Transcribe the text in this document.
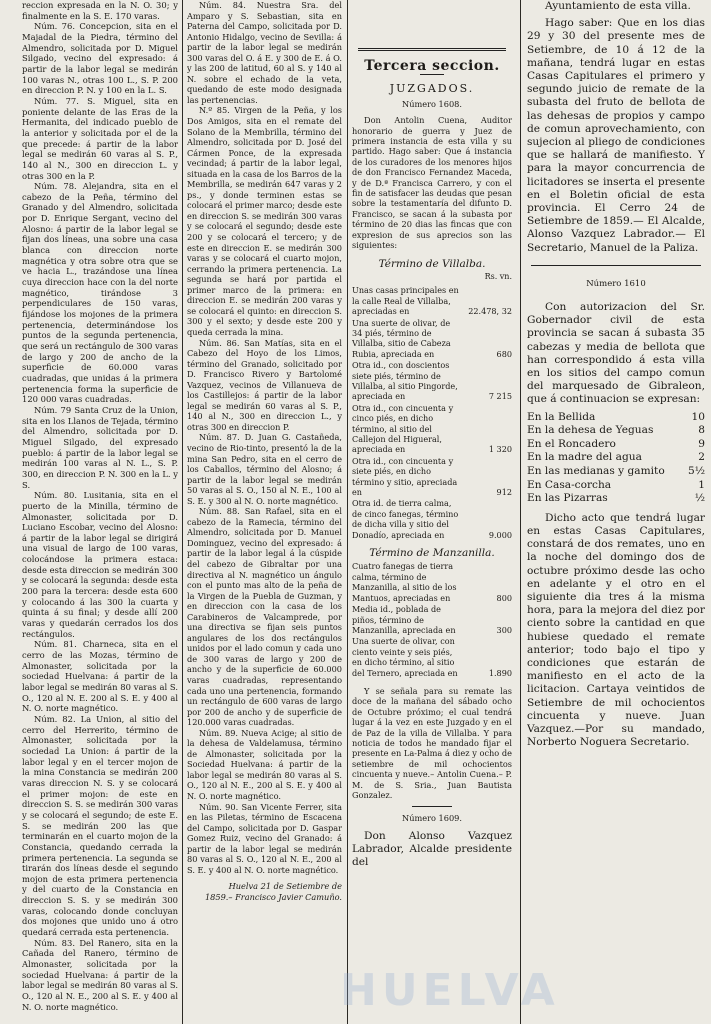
reccion expresada en la N. O. 30; y finalmente en la S. E. 170 varas.

Núm. 76. Concepcion, sita en el Majadal de la Piedra, término del Almendro, solicitada por D. Miguel Silgado, vecino del expresado: á partir de la labor legal se medirán 100 varas N., otras 100 L., S. P. 200 en direccion P. N. y 100 en la L. S.

Núm. 77. S. Miguel, sita en poniente delante de las Eras de la Hermanita, del indicado pueblo de la anterior y solicitada por el de la que precede: á partir de la labor legal se medirán 60 varas al S. P., 140 al N., 300 en direccion L. y otras 300 en la P.

Núm. 78. Alejandra, sita en el cabezo de la Peña, término del Granado y del Almendro, solicitada por D. Enrique Sergant, vecino del Alosno: á partir de la labor legal se fijan dos líneas, una sobre una casa blanca con direccion norte magnética y otra sobre otra que se ve hacia L., trazándose una línea cuya direccion hace con la del norte magnético, tirándose 3 perpendiculares de 150 varas, fijándose los mojones de la primera pertenencia, determinándose los puntos de la segunda pertenencia, que será un rectángulo de 300 varas de largo y 200 de ancho de la superficie de 60.000 varas cuadradas, que unidas á la primera pertenencia forma la superficie de 120 000 varas cuadradas.

Núm. 79 Santa Cruz de la Union, sita en los Llanos de Tejada, término del Almendro, solicitada por D. Miguel Silgado, del expresado pueblo: á partir de la labor legal se medirán 100 varas al N. L., S. P. 300, en direccion P. N. 300 en la L. y S.

Núm. 80. Lusitania, sita en el puerto de la Minilla, término de Almonaster, solicitada por D. Luciano Escobar, vecino del Alosno: á partir de la labor legal se dirigirá una visual de largo de 100 varas, colocándose la primera estaca: desde esta direccion se medirán 300 y se colocará la segunda: desde esta 200 para la tercera: desde esta 600 y colocando á las 300 la cuarta y quinta á su final; y desde allí 200 varas y quedarán cerrados los dos rectángulos.

Núm. 81. Charneca, sita en el cerro de las Mozas, término de Almonaster, solicitada por la sociedad Huelvana: á partir de la labor legal se medirán 80 varas al S. O., 120 al N. E. 200 al S. E. y 400 al N. O. norte magnético.

Núm. 82. La Union, al sitio del cerro del Herrerito, término de Almonaster, solicitada por la sociedad La Union: á partir de la labor legal y en el tercer mojon de la mina Constancia se medirán 200 varas direccion N. S. y se colocará el primer mojon: de este en direccion S. S. se medirán 300 varas y se colocará el segundo; de este E. S. se medirán 200 las que terminarán en el cuarto mojon de la Constancia, quedando cerrada la primera pertenencia. La segunda se tirarán dos líneas desde el segundo mojon de esta primera pertenencia y del cuarto de la Constancia en direccion S. S. y se medirán 300 varas, colocando donde concluyan dos mojones que unido uno á otro quedará cerrada esta pertenencia.

Núm. 83. Del Ranero, sita en la Cañada del Ranero, término de Almonaster, solicitada por la sociedad Huelvana: á partir de la labor legal se medirán 80 varas al S. O., 120 al N. E., 200 al S. E. y 400 al N. O. norte magnético.

Núm. 84. Nuestra Sra. del Amparo y S. Sebastian, sita en Paterna del Campo, solicitada por D. Antonio Hidalgo, vecino de Sevilla: á partir de la labor legal se medirán 300 varas del O. á E. y 300 de E. á O. y las 200 de latitud, 60 al S. y 140 al N. sobre el echado de la veta, quedando de este modo designada las pertenencias.

N.º 85. Virgen de la Peña, y los Dos Amigos, sita en el remate del Solano de la Membrilla, término del Almendro, solicitada por D. José del Cármen Ponce, de la expresada vecindad; á partir de la labor legal, situada en la casa de los Barros de la Membrilla, se medirán 647 varas y 2 ps., y donde terminen estas se colocará el primer marco; desde este en direccion S. se medirán 300 varas y se colocará el segundo; desde este 200 y se colocará el tercero; y de este en direccion E. se medirán 300 varas y se colocará el cuarto mojon, cerrando la primera pertenencia. La segunda se hará por partida el primer marco de la primera: en direccion E. se medirán 200 varas y se colocará el quinto: en direccion S. 300 y el sexto; y desde este 200 y queda cerrada la mina.

Núm. 86. San Matías, sita en el Cabezo del Hoyo de los Limos, término del Granado, solicitado por D. Francisco Rivero y Bartolomé Vazquez, vecinos de Villanueva de los Castillejos: á partir de la labor legal se medirán 60 varas al S. P., 140 al N., 300 en direccion L., y otras 300 en direccion P.

Núm. 87. D. Juan G. Castañeda, vecino de Rio-tinto, presentó la de la mina San Pedro, sita en el cerro de los Caballos, término del Alosno; á partir de la labor legal se medirán 50 varas al S. O., 150 al N. E., 100 al S. E. y 300 al N. O. norte magnético.

Núm. 88. San Rafael, sita en el cabezo de la Ramecia, término del Almendro, solicitada por D. Manuel Dominguez, vecino del expresado: á partir de la labor legal á la cúspide del cabezo de Gibraltar por una directiva al N. magnético un ángulo con el punto mas alto de la peña de la Virgen de la Puebla de Guzman, y en direccion con la casa de los Carabineros de Valcamprede, por una directiva se fijan seis puntos angulares de los dos rectángulos unidos por el lado comun y cada uno de 300 varas de largo y 200 de ancho y de la superficie de 60.000 varas cuadradas, representando cada uno una pertenencia, formando un rectángulo de 600 varas de largo por 200 de ancho y de superficie de 120.000 varas cuadradas.

Núm. 89. Nueva Acige; al sitio de la dehesa de Valdelamusa, término de Almonaster, solicitada por la Sociedad Huelvana: á partir de la labor legal se medirán 80 varas al S. O., 120 al N. E., 200 al S. E. y 400 al N. O. norte magnético.

Núm. 90. San Vicente Ferrer, sita en las Piletas, término de Escacena del Campo, solicitada por D. Gaspar Gomez Ruiz, vecino del Granado: á partir de la labor legal se medirán 80 varas al S. O., 120 al N. E., 200 al S. E. y 400 al N. O. norte magnético.

Huelva 21 de Setiembre de 1859.– Francisco Javier Camuño.

Tercera seccion.
JUZGADOS.
Número 1608.

Don Antolin Cuena, Auditor honorario de guerra y Juez de primera instancia de esta villa y su partido. Hago saber: Que á instancia de los curadores de los menores hijos de don Francisco Fernandez Maceda, y de D.ª Francisca Carrero, y con el fin de satisfacer las deudas que pesan sobre la testamentaría del difunto D. Francisco, se sacan á la subasta por término de 20 dias las fincas que con expresion de sus aprecios son las siguientes:

Término de Villalba.
Rs. vn.
Unas casas principales en la calle Real de Villalba, apreciadas en	22.478, 32
Una suerte de olivar, de 34 piés, término de Villalba, sitio de Cabeza Rubia, apreciada en	680
Otra id., con doscientos siete piés, término de Villalba, al sitio Pingorde, apreciada en	7 215
Otra id., con cincuenta y cinco piés, en dicho término, al sitio del Callejon del Higueral, apreciada en	1 320
Otra id., con cincuenta y siete piés, en dicho término y sitio, apreciada en	912
Otra id. de tierra calma, de cinco fanegas, término de dicha villa y sitio del Donadío, apreciada en	9.000
Término de Manzanilla.
Cuatro fanegas de tierra calma, término de Manzanilla, al sitio de los Mantuos, apreciadas en	800
Media id., poblada de piños, término de Manzanilla, apreciada en	300
Una suerte de olivar, con ciento veinte y seis piés, en dicho término, al sitio del Ternero, apreciada en	1.890

Y se señala para su remate las doce de la mañana del sábado ocho de Octubre próximo; el cual tendrá lugar á la vez en este Juzgado y en el de Paz de la villa de Villalba. Y para noticia de todos he mandado fijar el presente en La-Palma á diez y ocho de setiembre de mil ochocientos cincuenta y nueve.– Antolin Cuena.– P. M. de S. Sria., Juan Bautista Gonzalez.

Número 1609.

Don Alonso Vazquez Labrador, Alcalde presidente del

Ayuntamiento de esta villa.

Hago saber: Que en los dias 29 y 30 del presente mes de Setiembre, de 10 á 12 de la mañana, tendrá lugar en estas Casas Capitulares el primero y segundo juicio de remate de la subasta del fruto de bellota de las dehesas de propios y campo de comun aprovechamiento, con sujecion al pliego de condiciones que se hallará de manifiesto. Y para la mayor concurrencia de licitadores se inserta el presente en el Boletin oficial de esta provincia. El Cerro 24 de Setiembre de 1859.— El Alcalde, Alonso Vazquez Labrador.— El Secretario, Manuel de la Paliza.

Número 1610

Con autorizacion del Sr. Gobernador civil de esta provincia se sacan á subasta 35 cabezas y media de bellota que han correspondido á esta villa en los sitios del campo comun del marquesado de Gibraleon, que á continuacion se expresan:

En la Bellida	10
En la dehesa de Yeguas	8
En el Roncadero	9
En la madre del agua	2
En las medianas y gamito	5½
En Casa-corcha	1
En las Pizarras	½

Dicho acto que tendrá lugar en estas Casas Capitulares, constará de dos remates, uno en la noche del domingo dos de octubre próximo desde las ocho en adelante y el otro en el siguiente dia tres á la misma hora, para la mejora del diez por ciento sobre la cantidad en que hubiese quedado el remate anterior; todo bajo el tipo y condiciones que estarán de manifiesto en el acto de la licitacion. Cartaya veintidos de Setiembre de mil ochocientos cincuenta y nueve. Juan Vazquez.—Por su mandado, Norberto Noguera Secretario.

HUELVA
